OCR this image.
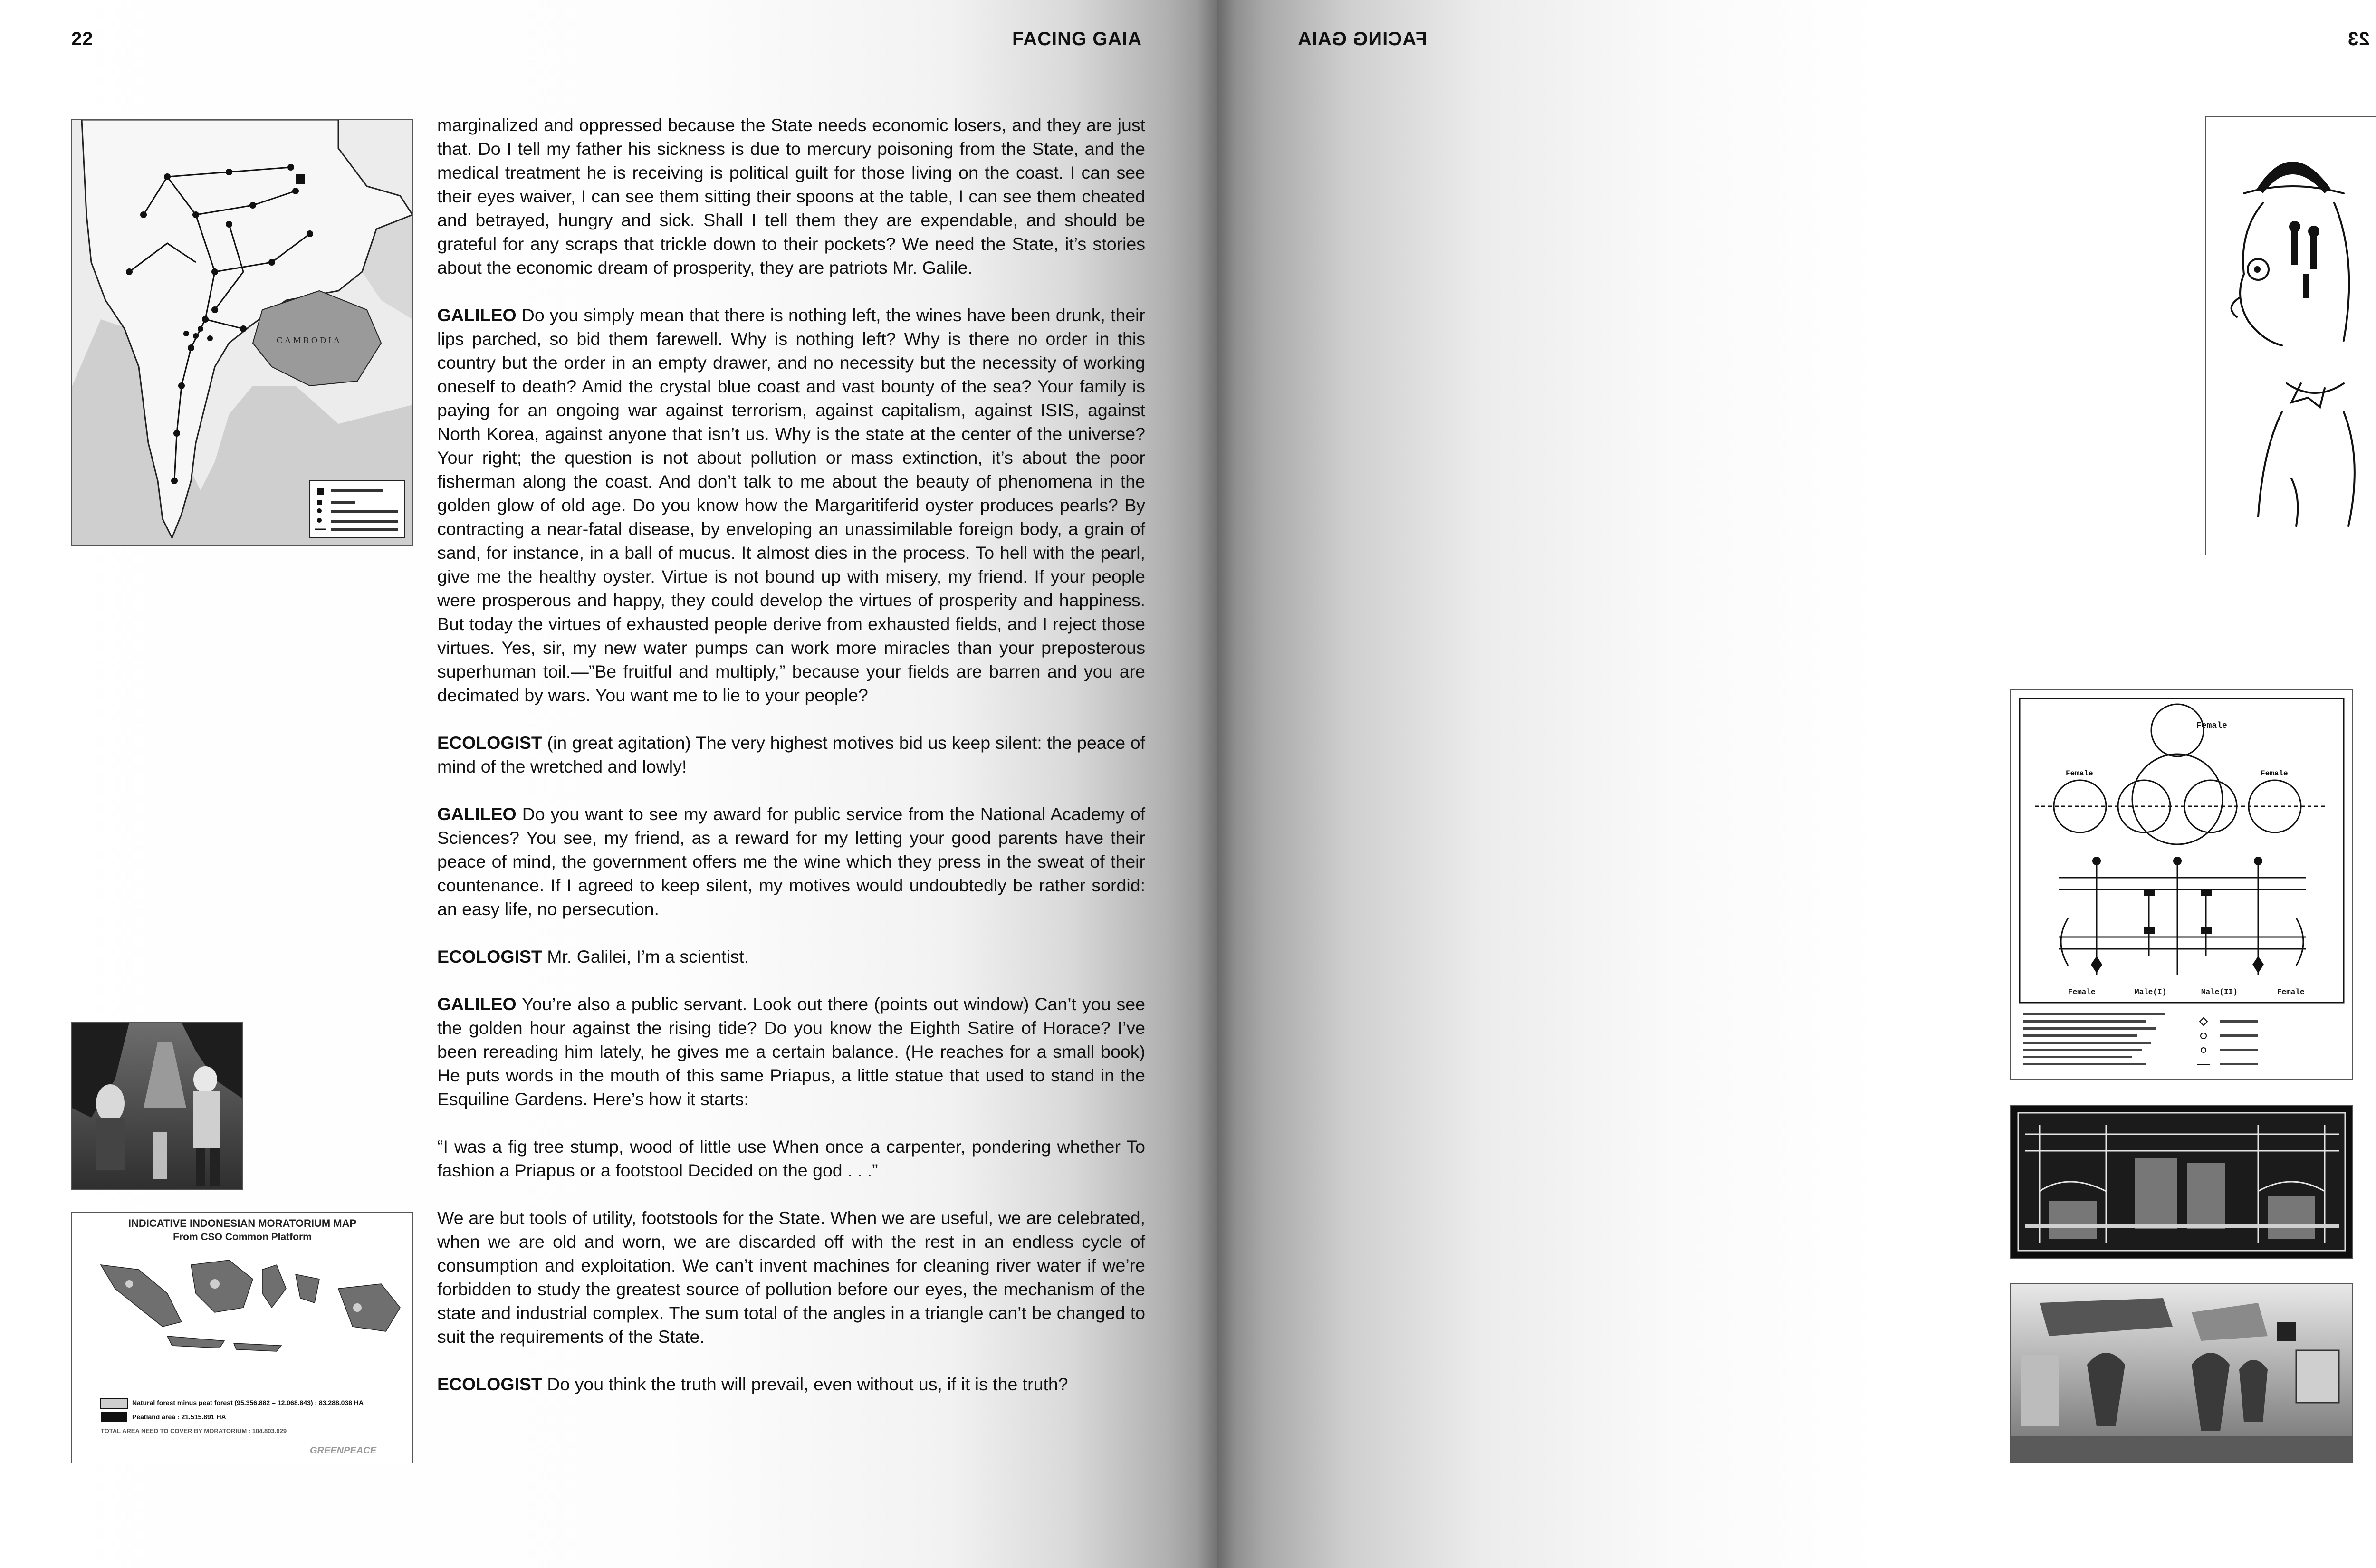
22	FACING GAIA
CAMBODIA
INDICATIVE INDONESIAN MORATORIUM MAP
From CSO Common Platform
Natural forest minus peat forest (95.356.882 – 12.068.843) : 83.288.038 HA
Peatland area : 21.515.891 HA
TOTAL AREA NEED TO COVER BY MORATORIUM : 104.803.929
GREENPEACE

marginalized and oppressed because the State needs economic losers, and they are just that. Do I tell my father his sickness is due to mercury poisoning from the State, and the medical treatment he is receiving is political guilt for those living on the coast. I can see their eyes waiver, I can see them sitting their spoons at the table, I can see them cheated and betrayed, hungry and sick. Shall I tell them they are expendable, and should be grateful for any scraps that trickle down to their pockets? We need the State, it’s stories about the economic dream of prosperity, they are patriots Mr. Galile.

GALILEO Do you simply mean that there is nothing left, the wines have been drunk, their lips parched, so bid them farewell. Why is nothing left? Why is there no order in this country but the order in an empty drawer, and no necessity but the necessity of working oneself to death? Amid the crystal blue coast and vast bounty of the sea? Your family is paying for an ongoing war against terrorism, against capitalism, against ISIS, against North Korea, against anyone that isn’t us. Why is the state at the center of the universe? Your right; the question is not about pollution or mass extinction, it’s about the poor fisherman along the coast. And don’t talk to me about the beauty of phenomena in the golden glow of old age. Do you know how the Margaritiferid oyster produces pearls? By contracting a near-fatal disease, by enveloping an unassimilable foreign body, a grain of sand, for instance, in a ball of mucus. It almost dies in the process. To hell with the pearl, give me the healthy oyster. Virtue is not bound up with misery, my friend. If your people were prosperous and happy, they could develop the virtues of prosperity and happiness. But today the virtues of exhausted people derive from exhausted fields, and I reject those virtues. Yes, sir, my new water pumps can work more miracles than your preposterous superhuman toil.—”Be fruitful and multiply,” because your fields are barren and you are decimated by wars. You want me to lie to your people?

ECOLOGIST (in great agitation) The very highest motives bid us keep silent: the peace of mind of the wretched and lowly!

GALILEO Do you want to see my award for public service from the National Academy of Sciences? You see, my friend, as a reward for my letting your good parents have their peace of mind, the government offers me the wine which they press in the sweat of their countenance. If I agreed to keep silent, my motives would undoubtedly be rather sordid: an easy life, no persecution.

ECOLOGIST Mr. Galilei, I’m a scientist.

GALILEO You’re also a public servant. Look out there (points out window) Can’t you see the golden hour against the rising tide? Do you know the Eighth Satire of Horace? I’ve been rereading him lately, he gives me a certain balance. (He reaches for a small book) He puts words in the mouth of this same Priapus, a little statue that used to stand in the Esquiline Gardens. Here’s how it starts:

“I was a fig tree stump, wood of little use When once a carpenter, pondering whether To fashion a Priapus or a footstool Decided on the god . . .”

We are but tools of utility, footstools for the State. When we are useful, we are celebrated, when we are old and worn, we are discarded off with the rest in an endless cycle of consumption and exploitation. We can’t invent machines for cleaning river water if we’re forbidden to study the greatest source of pollution before our eyes, the mechanism of the state and industrial complex. The sum total of the angles in a triangle can’t be changed to suit the requirements of the State.

ECOLOGIST Do you think the truth will prevail, even without us, if it is the truth?

FACING GAIA	23
Female
Female	Female
Female	Male(I)	Male(II)	Female
